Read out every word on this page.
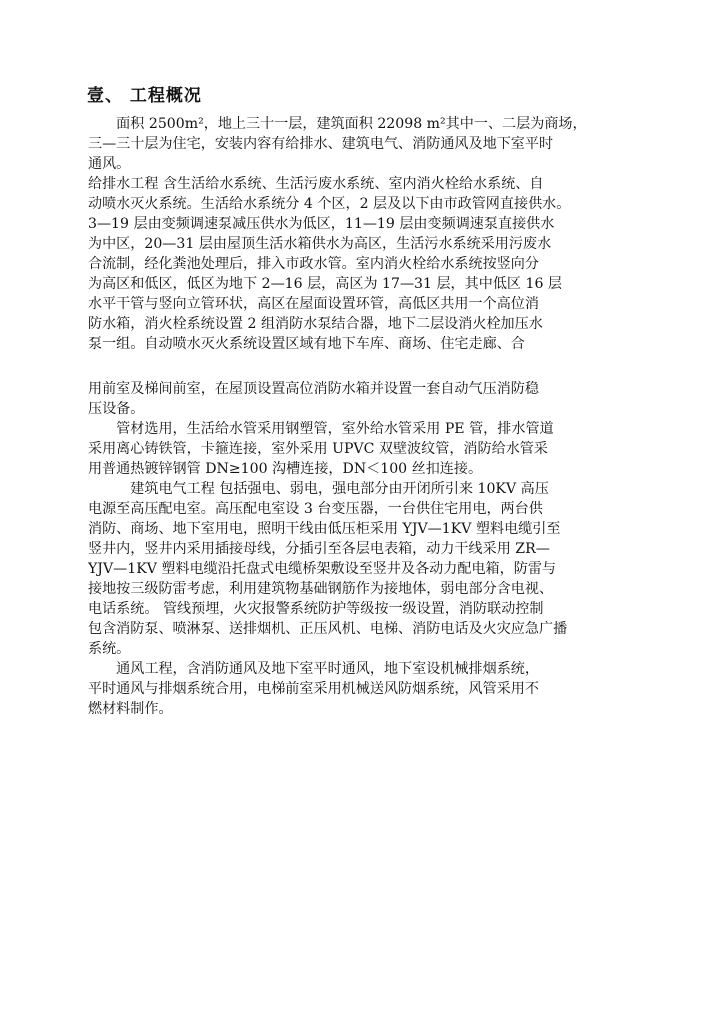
壹、 工程概况
　　面积 2500m²，地上三十一层，建筑面积 22098 m²其中一、二层为商场，
三—三十层为住宅，安装内容有给排水、建筑电气、消防通风及地下室平时
通风。
给排水工程 含生活给水系统、生活污废水系统、室内消火栓给水系统、自
动喷水灭火系统。生活给水系统分 4 个区，2 层及以下由市政管网直接供水。
3—19 层由变频调速泵减压供水为低区，11—19 层由变频调速泵直接供水
为中区，20—31 层由屋顶生活水箱供水为高区，生活污水系统采用污废水
合流制，经化粪池处理后，排入市政水管。室内消火栓给水系统按竖向分
为高区和低区，低区为地下 2—16 层，高区为 17—31 层，其中低区 16 层
水平干管与竖向立管环状，高区在屋面设置环管，高低区共用一个高位消
防水箱，消火栓系统设置 2 组消防水泵结合器，地下二层设消火栓加压水
泵一组。自动喷水灭火系统设置区域有地下车库、商场、住宅走廊、合
用前室及梯间前室，在屋顶设置高位消防水箱并设置一套自动气压消防稳
压设备。
　　管材选用，生活给水管采用钢塑管，室外给水管采用 PE 管，排水管道
采用离心铸铁管，卡箍连接，室外采用 UPVC 双壁波纹管，消防给水管采
用普通热镀锌钢管 DN≥100 沟槽连接，DN＜100 丝扣连接。
　　　建筑电气工程 包括强电、弱电，强电部分由开闭所引来 10KV 高压
电源至高压配电室。高压配电室设 3 台变压器，一台供住宅用电，两台供
消防、商场、地下室用电，照明干线由低压柜采用 YJV—1KV 塑料电缆引至
竖井内，竖井内采用插接母线，分插引至各层电表箱，动力干线采用 ZR—
YJV—1KV 塑料电缆沿托盘式电缆桥架敷设至竖井及各动力配电箱，防雷与
接地按三级防雷考虑，利用建筑物基础钢筋作为接地体，弱电部分含电视、
电话系统。 管线预埋，火灾报警系统防护等级按一级设置，消防联动控制
包含消防泵、喷淋泵、送排烟机、正压风机、电梯、消防电话及火灾应急广播
系统。
　　通风工程，含消防通风及地下室平时通风，地下室设机械排烟系统，
平时通风与排烟系统合用，电梯前室采用机械送风防烟系统，风管采用不
燃材料制作。
